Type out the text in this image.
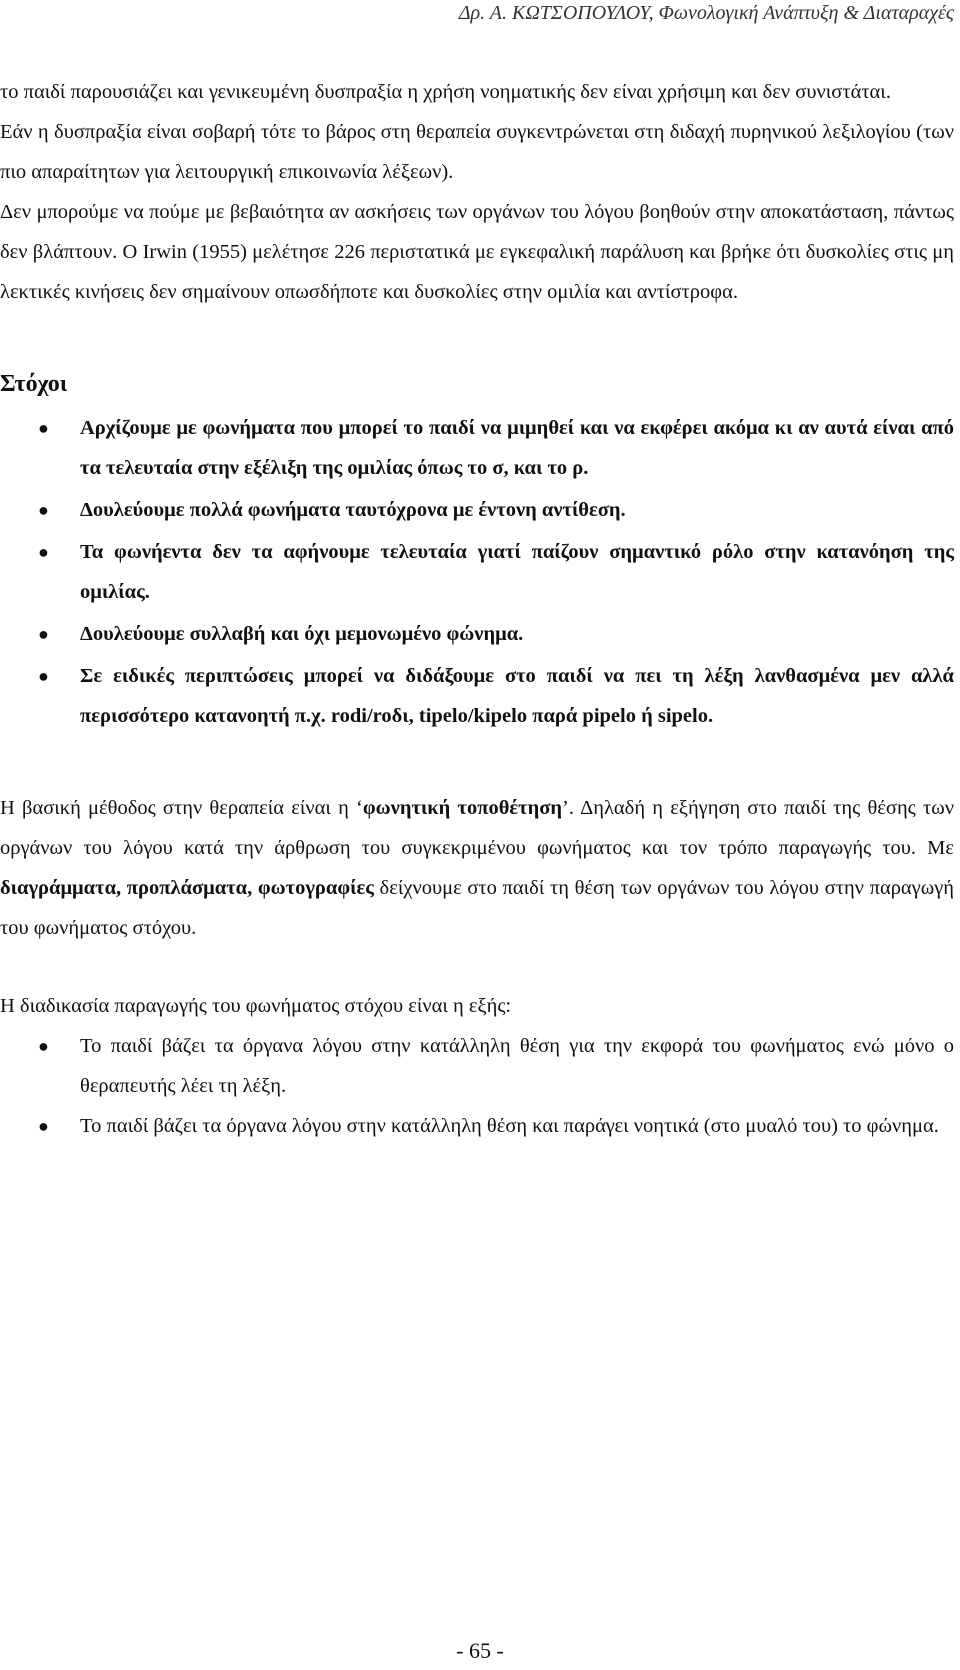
Δρ. Α. ΚΩΤΣΟΠΟΥΛΟΥ, Φωνολογική Ανάπτυξη & Διαταραχές

το παιδί παρουσιάζει και γενικευμένη δυσπραξία η χρήση νοηματικής δεν είναι χρήσιμη και δεν συνιστάται.

Εάν η δυσπραξία είναι σοβαρή τότε το βάρος στη θεραπεία συγκεντρώνεται στη διδαχή πυρηνικού λεξιλογίου (των πιο απαραίτητων για λειτουργική επικοινωνία λέξεων).

Δεν μπορούμε να πούμε με βεβαιότητα αν ασκήσεις των οργάνων του λόγου βοηθούν στην αποκατάσταση, πάντως δεν βλάπτουν. Ο Irwin (1955) μελέτησε 226 περιστατικά με εγκεφαλική παράλυση και βρήκε ότι δυσκολίες στις μη λεκτικές κινήσεις δεν σημαίνουν οπωσδήποτε και δυσκολίες στην ομιλία και αντίστροφα.

Στόχοι
● Αρχίζουμε με φωνήματα που μπορεί το παιδί να μιμηθεί και να εκφέρει ακόμα κι αν αυτά είναι από τα τελευταία στην εξέλιξη της ομιλίας όπως το σ, και το ρ.
● Δουλεύουμε πολλά φωνήματα ταυτόχρονα με έντονη αντίθεση.
● Τα φωνήεντα δεν τα αφήνουμε τελευταία γιατί παίζουν σημαντικό ρόλο στην κατανόηση της ομιλίας.
● Δουλεύουμε συλλαβή και όχι μεμονωμένο φώνημα.
● Σε ειδικές περιπτώσεις μπορεί να διδάξουμε στο παιδί να πει τη λέξη λανθασμένα μεν αλλά περισσότερο κατανοητή π.χ. rodi/roδι, tipelo/kipelo παρά pipelo ή sipelo.

Η βασική μέθοδος στην θεραπεία είναι η ‘φωνητική τοποθέτηση’. Δηλαδή η εξήγηση στο παιδί της θέσης των οργάνων του λόγου κατά την άρθρωση του συγκεκριμένου φωνήματος και τον τρόπο παραγωγής του. Με διαγράμματα, προπλάσματα, φωτογραφίες δείχνουμε στο παιδί τη θέση των οργάνων του λόγου στην παραγωγή του φωνήματος στόχου.

Η διαδικασία παραγωγής του φωνήματος στόχου είναι η εξής:

● Το παιδί βάζει τα όργανα λόγου στην κατάλληλη θέση για την εκφορά του φωνήματος ενώ μόνο ο θεραπευτής λέει τη λέξη.
● Το παιδί βάζει τα όργανα λόγου στην κατάλληλη θέση και παράγει νοητικά (στο μυαλό του) το φώνημα.
- 65 -
